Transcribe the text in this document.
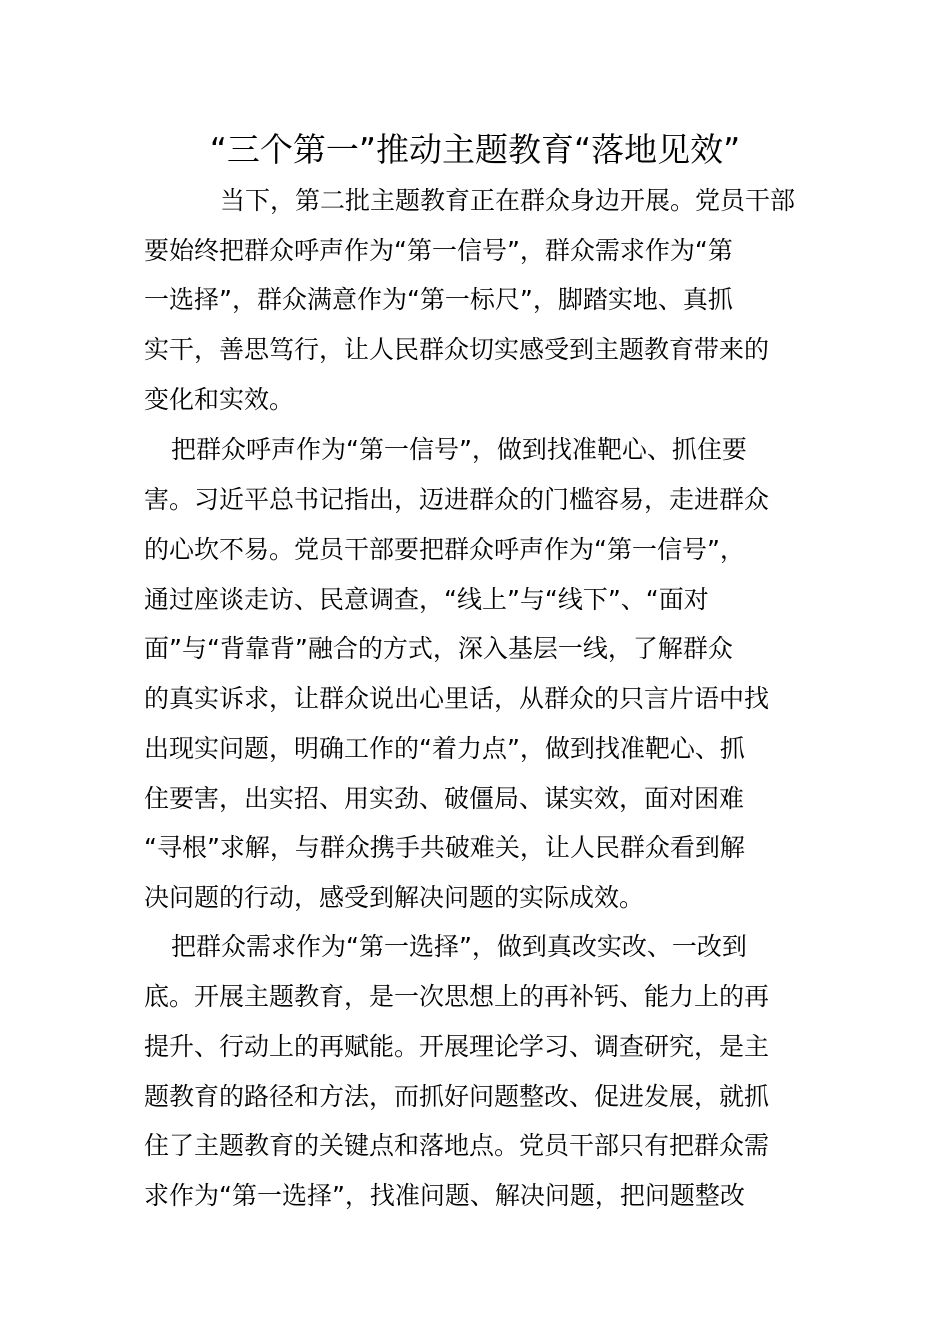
“三个第一”推动主题教育“落地见效”
当下，第二批主题教育正在群众身边开展。党员干部
要始终把群众呼声作为“第一信号”，群众需求作为“第
一选择”，群众满意作为“第一标尺”，脚踏实地、真抓
实干，善思笃行，让人民群众切实感受到主题教育带来的
变化和实效。
把群众呼声作为“第一信号”，做到找准靶心、抓住要
害。习近平总书记指出，迈进群众的门槛容易，走进群众
的心坎不易。党员干部要把群众呼声作为“第一信号”，
通过座谈走访、民意调查，“线上”与“线下”、“面对
面”与“背靠背”融合的方式，深入基层一线，了解群众
的真实诉求，让群众说出心里话，从群众的只言片语中找
出现实问题，明确工作的“着力点”，做到找准靶心、抓
住要害，出实招、用实劲、破僵局、谋实效，面对困难
“寻根”求解，与群众携手共破难关，让人民群众看到解
决问题的行动，感受到解决问题的实际成效。
把群众需求作为“第一选择”，做到真改实改、一改到
底。开展主题教育，是一次思想上的再补钙、能力上的再
提升、行动上的再赋能。开展理论学习、调查研究，是主
题教育的路径和方法，而抓好问题整改、促进发展，就抓
住了主题教育的关键点和落地点。党员干部只有把群众需
求作为“第一选择”，找准问题、解决问题，把问题整改
